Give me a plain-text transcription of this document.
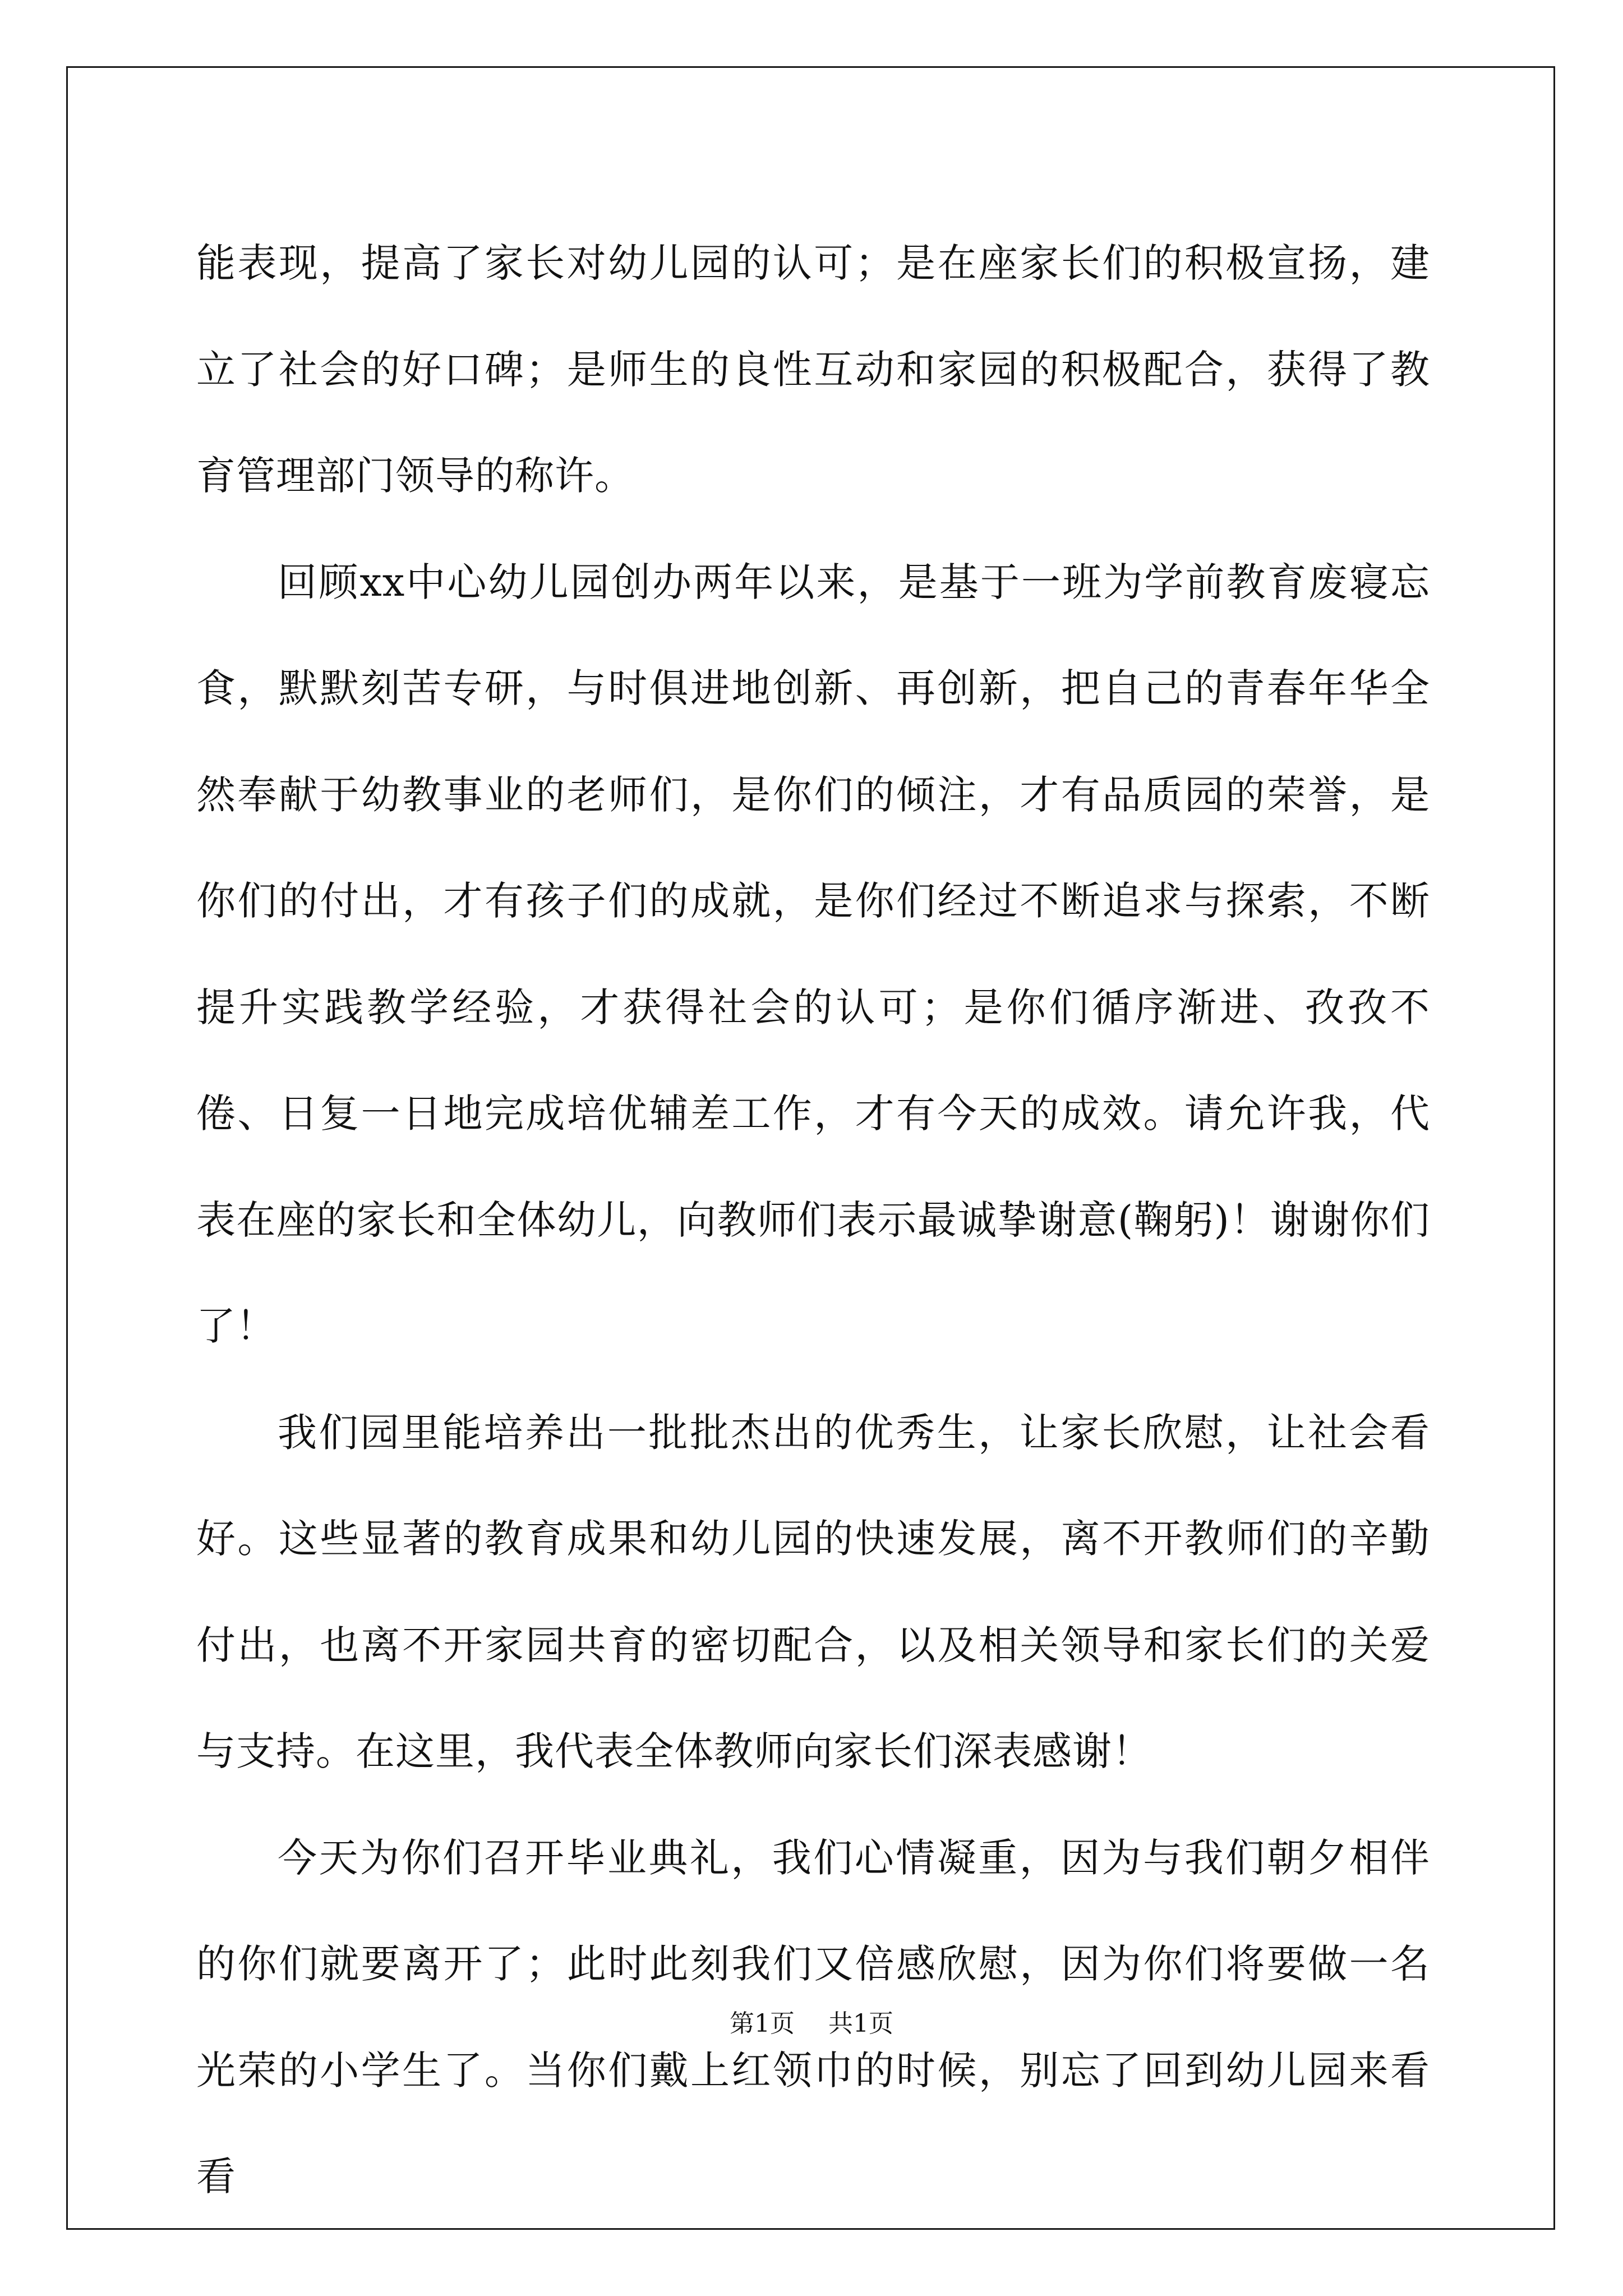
能表现，提高了家长对幼儿园的认可；是在座家长们的积极宣扬，建立了社会的好口碑；是师生的良性互动和家园的积极配合，获得了教育管理部门领导的称许。

回顾xx中心幼儿园创办两年以来，是基于一班为学前教育废寝忘食，默默刻苦专研，与时俱进地创新、再创新，把自己的青春年华全然奉献于幼教事业的老师们，是你们的倾注，才有品质园的荣誉，是你们的付出，才有孩子们的成就，是你们经过不断追求与探索，不断提升实践教学经验，才获得社会的认可；是你们循序渐进、孜孜不倦、日复一日地完成培优辅差工作，才有今天的成效。请允许我，代表在座的家长和全体幼儿，向教师们表示最诚挚谢意(鞠躬)！谢谢你们了！

我们园里能培养出一批批杰出的优秀生，让家长欣慰，让社会看好。这些显著的教育成果和幼儿园的快速发展，离不开教师们的辛勤付出，也离不开家园共育的密切配合，以及相关领导和家长们的关爱与支持。在这里，我代表全体教师向家长们深表感谢！

今天为你们召开毕业典礼，我们心情凝重，因为与我们朝夕相伴的你们就要离开了；此时此刻我们又倍感欣慰，因为你们将要做一名光荣的小学生了。当你们戴上红领巾的时候，别忘了回到幼儿园来看看

第1页 共1页
